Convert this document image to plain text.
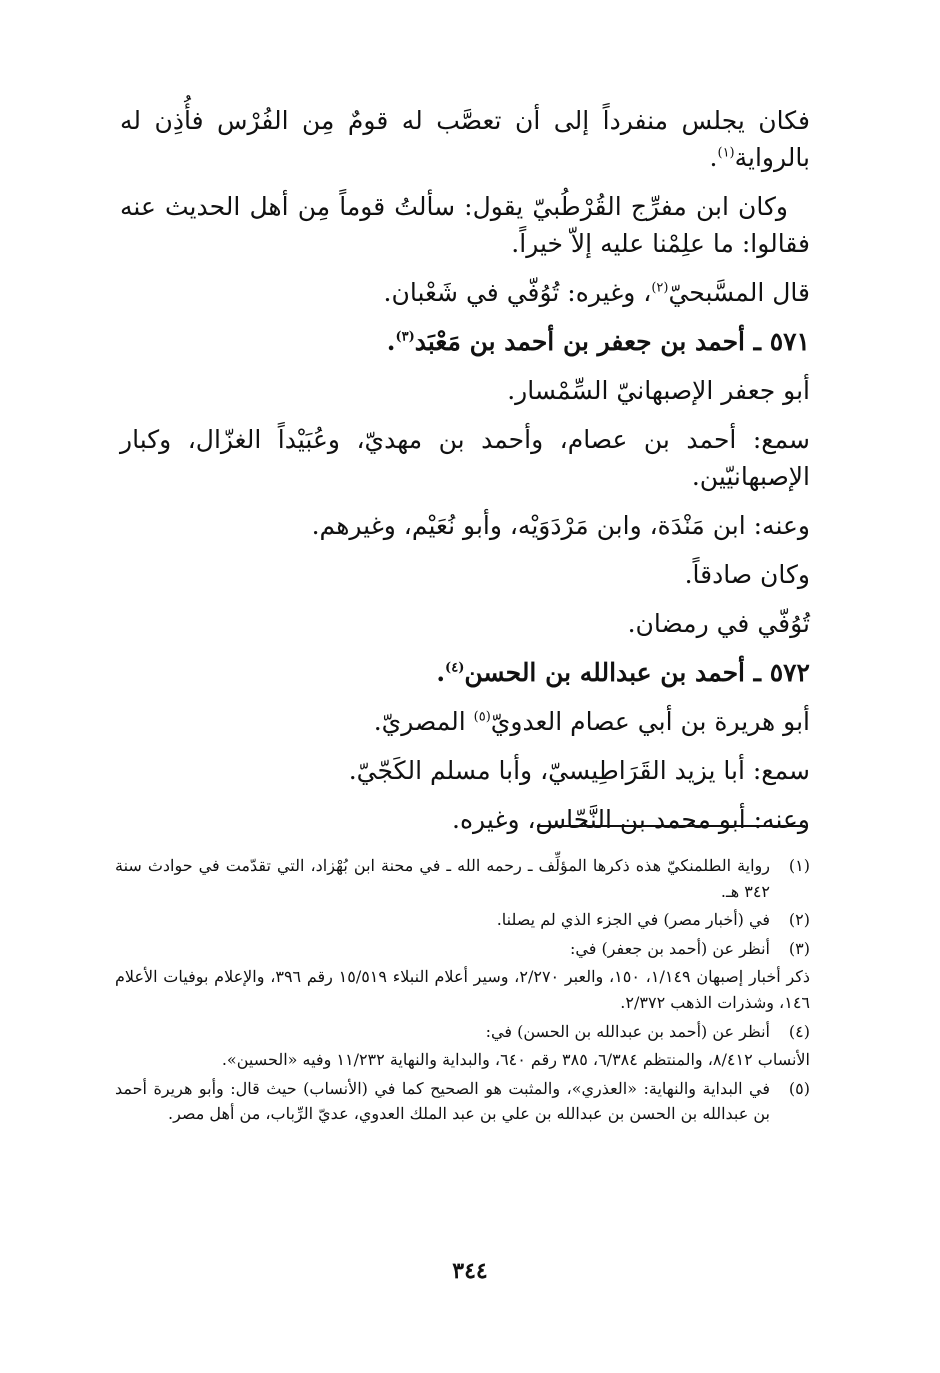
فكان يجلس منفرداً إلى أن تعصَّب له قومٌ مِن الفُرْس فأُذِن له بالرواية$^{(١)}$.

وكان ابن مفرِّج القُرْطُبيّ يقول: سألتُ قوماً مِن أهل الحديث عنه فقالوا: ما علِمْنا عليه إلاّ خيراً.

قال المسَّبحيّ$^{(٢)}$، وغيره: تُوُفّي في شَعْبان.

٥٧١ ـ أحمد بن جعفر بن أحمد بن مَعْبَد$^{(٣)}$.

أبو جعفر الإصبهانيّ السِّمْسار.

سمع: أحمد بن عصام، وأحمد بن مهديّ، وعُبَيْداً الغزّال، وكبار الإصبهانيّين.

وعنه: ابن مَنْدَة، وابن مَرْدَوَيْه، وأبو نُعَيْم، وغيرهم.

وكان صادقاً.

تُوُفّي في رمضان.

٥٧٢ ـ أحمد بن عبدالله بن الحسن$^{(٤)}$.

أبو هريرة بن أبي عصام العدويّ$^{(٥)}$ المصريّ.

سمع: أبا يزيد القَرَاطِيسيّ، وأبا مسلم الكَجّيّ.

وعنه: أبو محمد بن النَّحّاس، وغيره.

(١)
رواية الطلمنكيّ هذه ذكرها المؤلِّف ـ رحمه الله ـ في محنة ابن بُهْزاد، التي تقدّمت في حوادث سنة ٣٤٢ هـ.
(٢)
في (أخبار مصر) في الجزء الذي لم يصلنا.
(٣)
أنظر عن (أحمد بن جعفر) في:
ذكر أخبار إصبهان ١/١٤٩، ١٥٠، والعبر ٢/٢٧٠، وسير أعلام النبلاء ١٥/٥١٩ رقم ٣٩٦، والإعلام بوفيات الأعلام ١٤٦، وشذرات الذهب ٢/٣٧٢.
(٤)
أنظر عن (أحمد بن عبدالله بن الحسن) في:
الأنساب ٨/٤١٢، والمنتظم ٦/٣٨٤، ٣٨٥ رقم ٦٤٠، والبداية والنهاية ١١/٢٣٢ وفيه «الحسين».
(٥)
في البداية والنهاية: «العذري»، والمثبت هو الصحيح كما في (الأنساب) حيث قال: وأبو هريرة أحمد بن عبدالله بن الحسن بن عبدالله بن علي بن عبد الملك العدوي، عديّ الرِّباب، من أهل مصر.
٣٤٤
